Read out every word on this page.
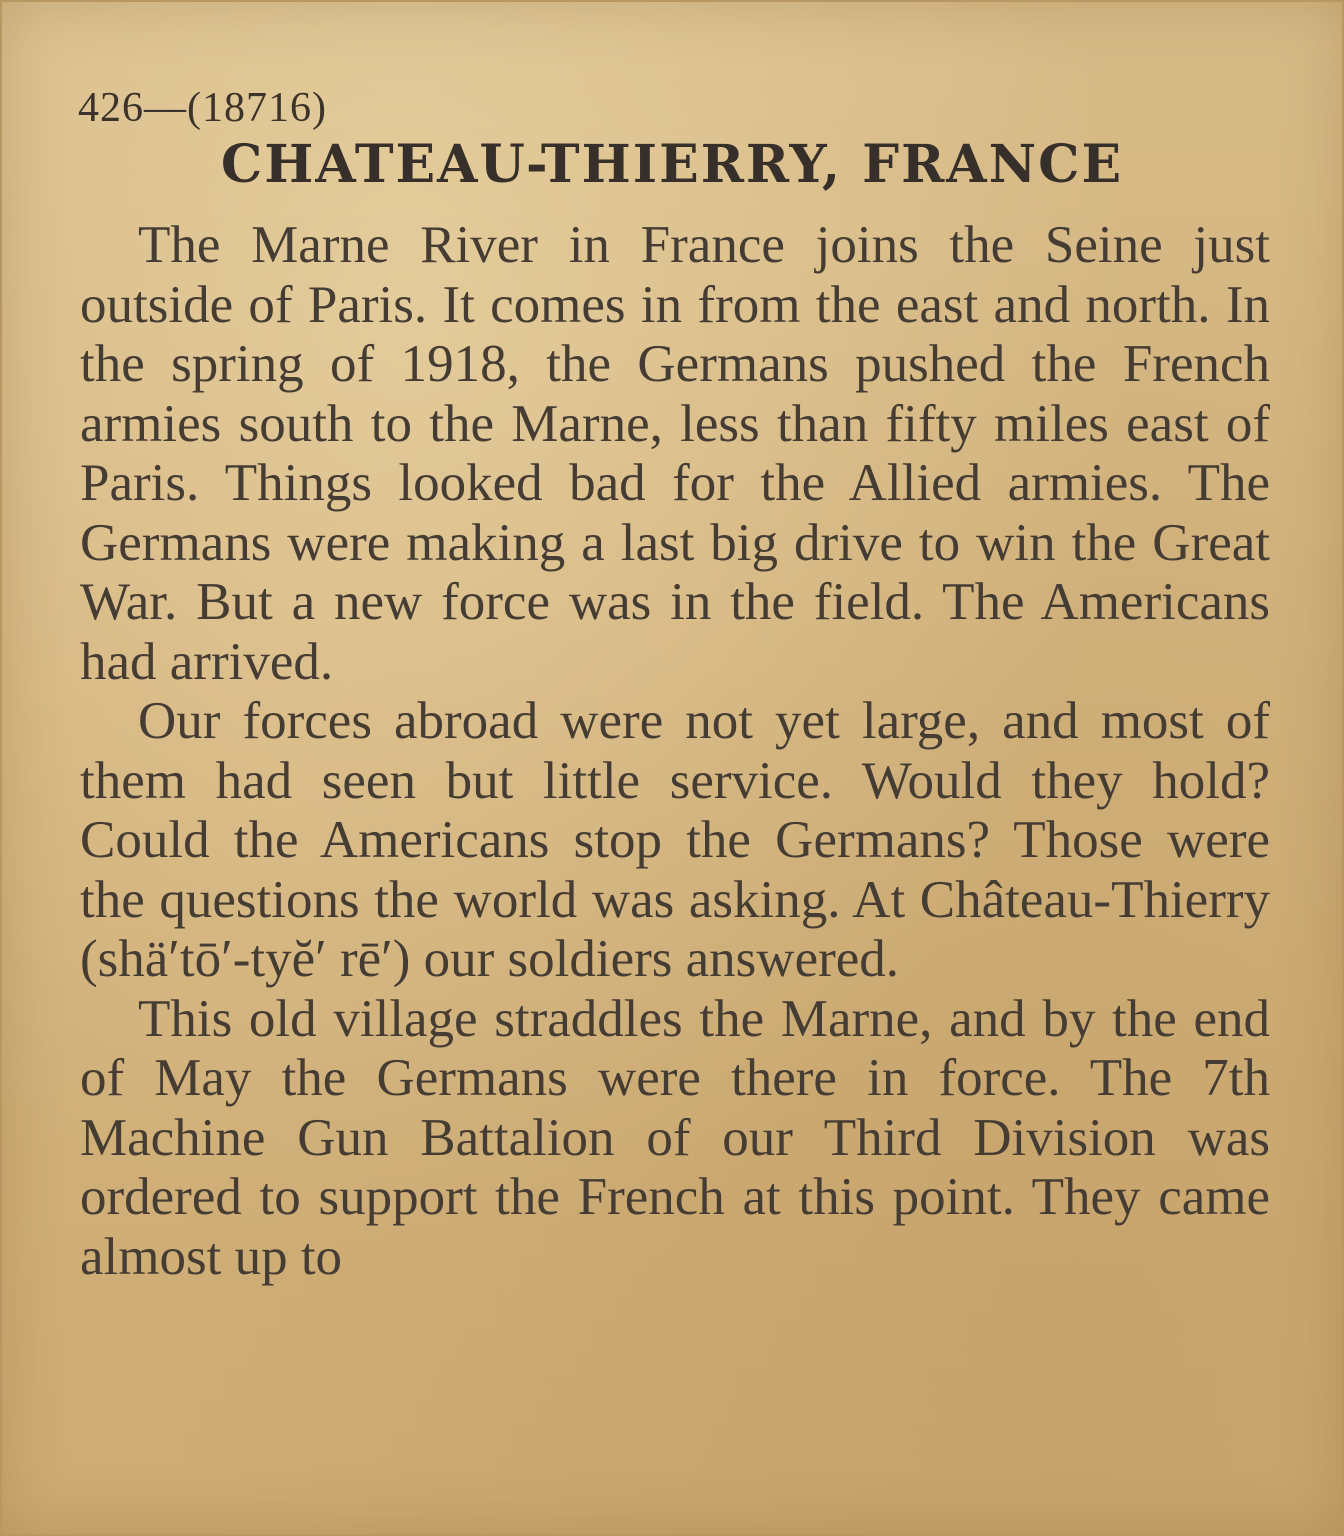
426—(18716)
CHATEAU-THIERRY, FRANCE

The Marne River in France joins the Seine just outside of Paris. It comes in from the east and north. In the spring of 1918, the Germans pushed the French armies south to the Marne, less than fifty miles east of Paris. Things looked bad for the Allied armies. The Germans were making a last big drive to win the Great War. But a new force was in the field. The Americans had arrived.

Our forces abroad were not yet large, and most of them had seen but little service. Would they hold? Could the Americans stop the Germans? Those were the questions the world was asking. At Château-Thierry (shä′tō′-tyĕ′ rē′) our soldiers answered.

This old village straddles the Marne, and by the end of May the Germans were there in force. The 7th Machine Gun Battalion of our Third Division was ordered to support the French at this point. They came almost up to
